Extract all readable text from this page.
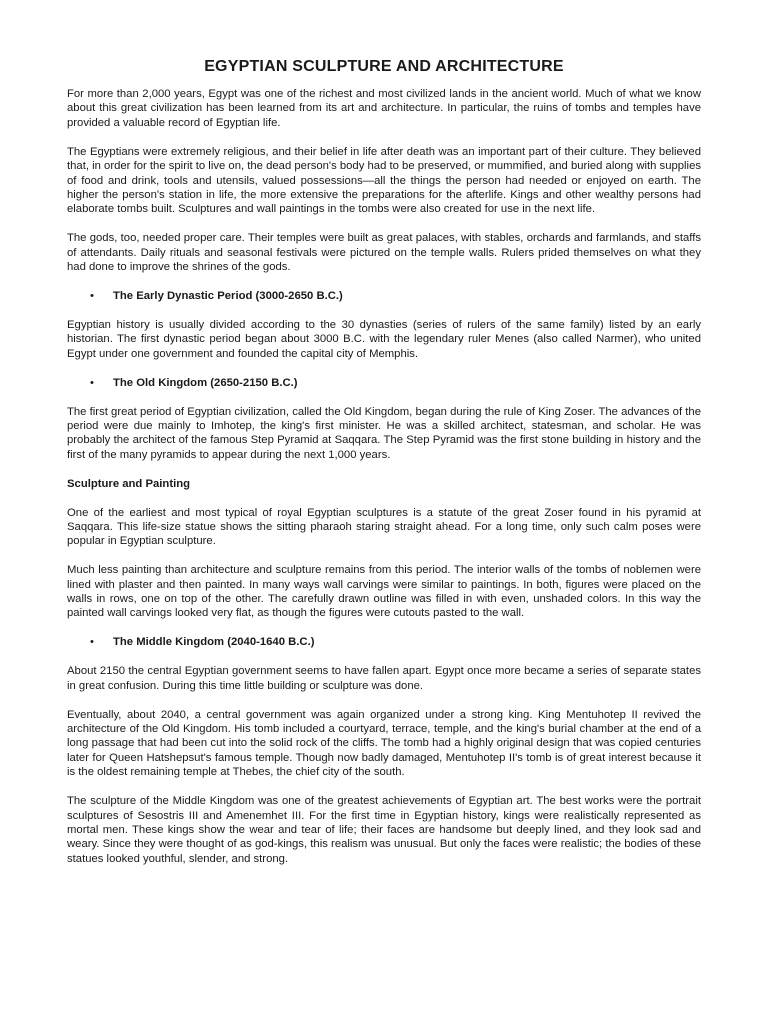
EGYPTIAN SCULPTURE AND ARCHITECTURE

For more than 2,000 years, Egypt was one of the richest and most civilized lands in the ancient world. Much of what we know about this great civilization has been learned from its art and architecture. In particular, the ruins of tombs and temples have provided a valuable record of Egyptian life.

The Egyptians were extremely religious, and their belief in life after death was an important part of their culture. They believed that, in order for the spirit to live on, the dead person's body had to be preserved, or mummified, and buried along with supplies of food and drink, tools and utensils, valued possessions—all the things the person had needed or enjoyed on earth. The higher the person's station in life, the more extensive the preparations for the afterlife. Kings and other wealthy persons had elaborate tombs built. Sculptures and wall paintings in the tombs were also created for use in the next life.

The gods, too, needed proper care. Their temples were built as great palaces, with stables, orchards and farmlands, and staffs of attendants. Daily rituals and seasonal festivals were pictured on the temple walls. Rulers prided themselves on what they had done to improve the shrines of the gods.

• The Early Dynastic Period (3000-2650 B.C.)

Egyptian history is usually divided according to the 30 dynasties (series of rulers of the same family) listed by an early historian. The first dynastic period began about 3000 B.C. with the legendary ruler Menes (also called Narmer), who united Egypt under one government and founded the capital city of Memphis.

• The Old Kingdom (2650-2150 B.C.)

The first great period of Egyptian civilization, called the Old Kingdom, began during the rule of King Zoser. The advances of the period were due mainly to Imhotep, the king's first minister. He was a skilled architect, statesman, and scholar. He was probably the architect of the famous Step Pyramid at Saqqara. The Step Pyramid was the first stone building in history and the first of the many pyramids to appear during the next 1,000 years.

Sculpture and Painting

One of the earliest and most typical of royal Egyptian sculptures is a statute of the great Zoser found in his pyramid at Saqqara. This life-size statue shows the sitting pharaoh staring straight ahead. For a long time, only such calm poses were popular in Egyptian sculpture.

Much less painting than architecture and sculpture remains from this period. The interior walls of the tombs of noblemen were lined with plaster and then painted. In many ways wall carvings were similar to paintings. In both, figures were placed on the walls in rows, one on top of the other. The carefully drawn outline was filled in with even, unshaded colors. In this way the painted wall carvings looked very flat, as though the figures were cutouts pasted to the wall.

• The Middle Kingdom (2040-1640 B.C.)

About 2150 the central Egyptian government seems to have fallen apart. Egypt once more became a series of separate states in great confusion. During this time little building or sculpture was done.

Eventually, about 2040, a central government was again organized under a strong king. King Mentuhotep II revived the architecture of the Old Kingdom. His tomb included a courtyard, terrace, temple, and the king's burial chamber at the end of a long passage that had been cut into the solid rock of the cliffs. The tomb had a highly original design that was copied centuries later for Queen Hatshepsut's famous temple. Though now badly damaged, Mentuhotep II's tomb is of great interest because it is the oldest remaining temple at Thebes, the chief city of the south.

The sculpture of the Middle Kingdom was one of the greatest achievements of Egyptian art. The best works were the portrait sculptures of Sesostris III and Amenemhet III. For the first time in Egyptian history, kings were realistically represented as mortal men. These kings show the wear and tear of life; their faces are handsome but deeply lined, and they look sad and weary. Since they were thought of as god-kings, this realism was unusual. But only the faces were realistic; the bodies of these statues looked youthful, slender, and strong.
